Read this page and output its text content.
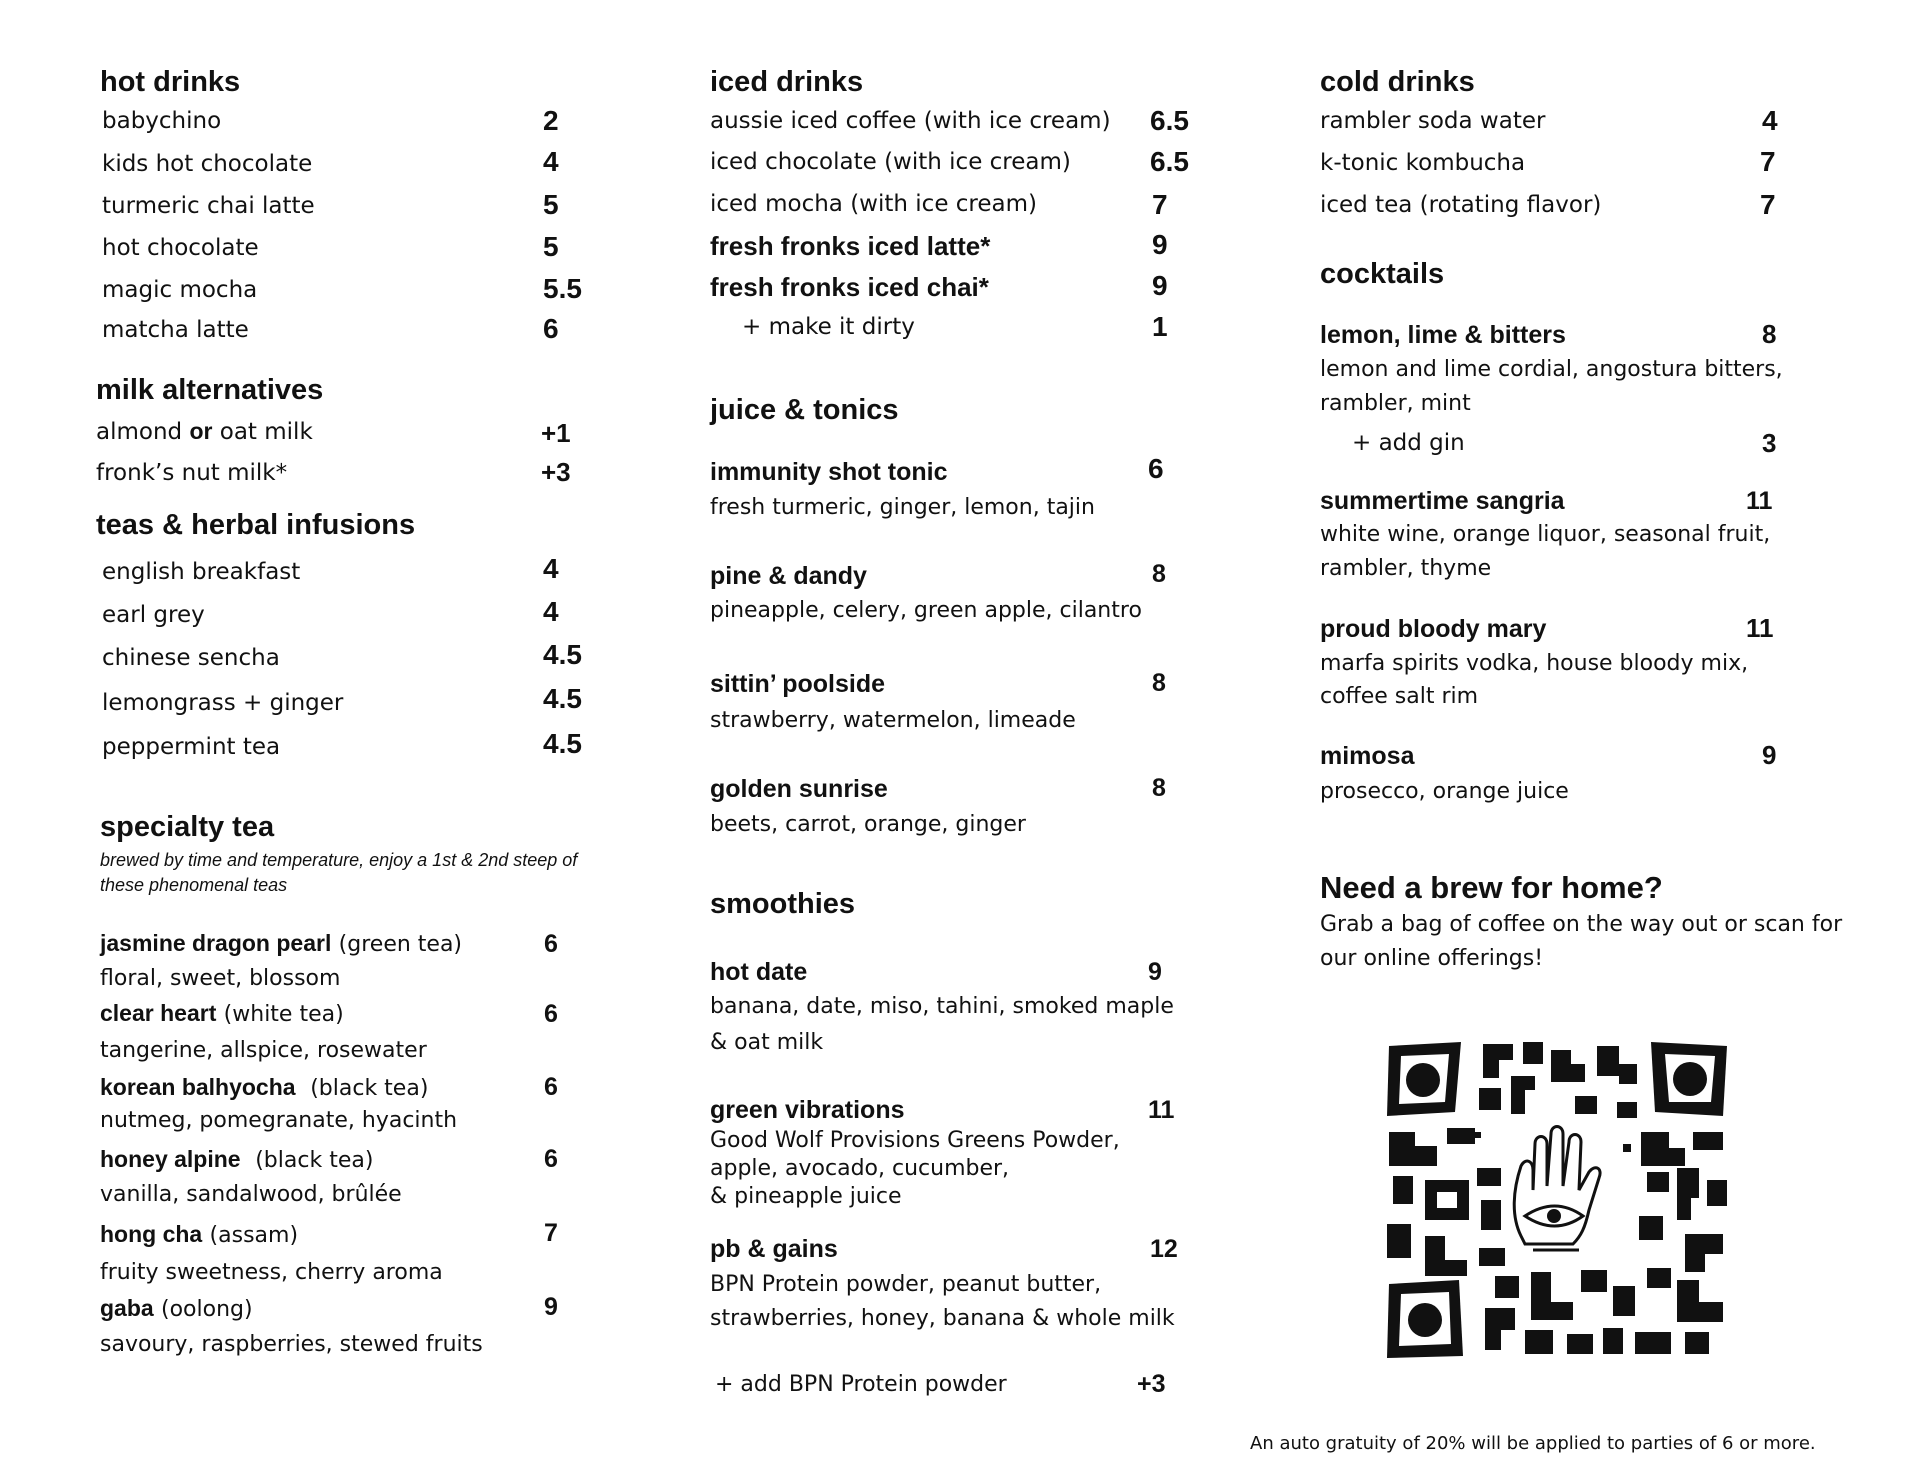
hot drinks
babychino	2
kids hot chocolate	4
turmeric chai latte	5
hot chocolate	5
magic mocha	5.5
matcha latte	6
milk alternatives
almond or oat milk	+1
fronk’s nut milk*	+3
teas & herbal infusions
english breakfast	4
earl grey	4
chinese sencha	4.5
lemongrass + ginger	4.5
peppermint tea	4.5
specialty tea
brewed by time and temperature, enjoy a 1st & 2nd steep of these phenomenal teas
jasmine dragon pearl (green tea)	6
floral, sweet, blossom
clear heart (white tea)	6
tangerine, allspice, rosewater
korean balhyocha (black tea)	6
nutmeg, pomegranate, hyacinth
honey alpine (black tea)	6
vanilla, sandalwood, brûlée
hong cha (assam)	7
fruity sweetness, cherry aroma
gaba (oolong)	9
savoury, raspberries, stewed fruits
iced drinks
aussie iced coffee (with ice cream) 6.5
iced chocolate (with ice cream)	6.5
iced mocha (with ice cream)	7
fresh fronks iced latte*	9
fresh fronks iced chai*	9
+ make it dirty	1
juice & tonics
immunity shot tonic	6
fresh turmeric, ginger, lemon, tajin
pine & dandy	8
pineapple, celery, green apple, cilantro
sittin’ poolside	8
strawberry, watermelon, limeade
golden sunrise	8
beets, carrot, orange, ginger
smoothies
hot date	9
banana, date, miso, tahini, smoked maple
& oat milk
green vibrations	11
Good Wolf Provisions Greens Powder,
apple, avocado, cucumber,
& pineapple juice
pb & gains	12
BPN Protein powder, peanut butter,
strawberries, honey, banana & whole milk
+ add BPN Protein powder	+3
cold drinks
rambler soda water	4
k-tonic kombucha	7
iced tea (rotating flavor)	7
cocktails
lemon, lime & bitters	8
lemon and lime cordial, angostura bitters,
rambler, mint
+ add gin	3
summertime sangria	11
white wine, orange liquor, seasonal fruit,
rambler, thyme
proud bloody mary	11
marfa spirits vodka, house bloody mix,
coffee salt rim
mimosa	9
prosecco, orange juice
Need a brew for home?
Grab a bag of coffee on the way out or scan for
our online offerings!
An auto gratuity of 20% will be applied to parties of 6 or more.
